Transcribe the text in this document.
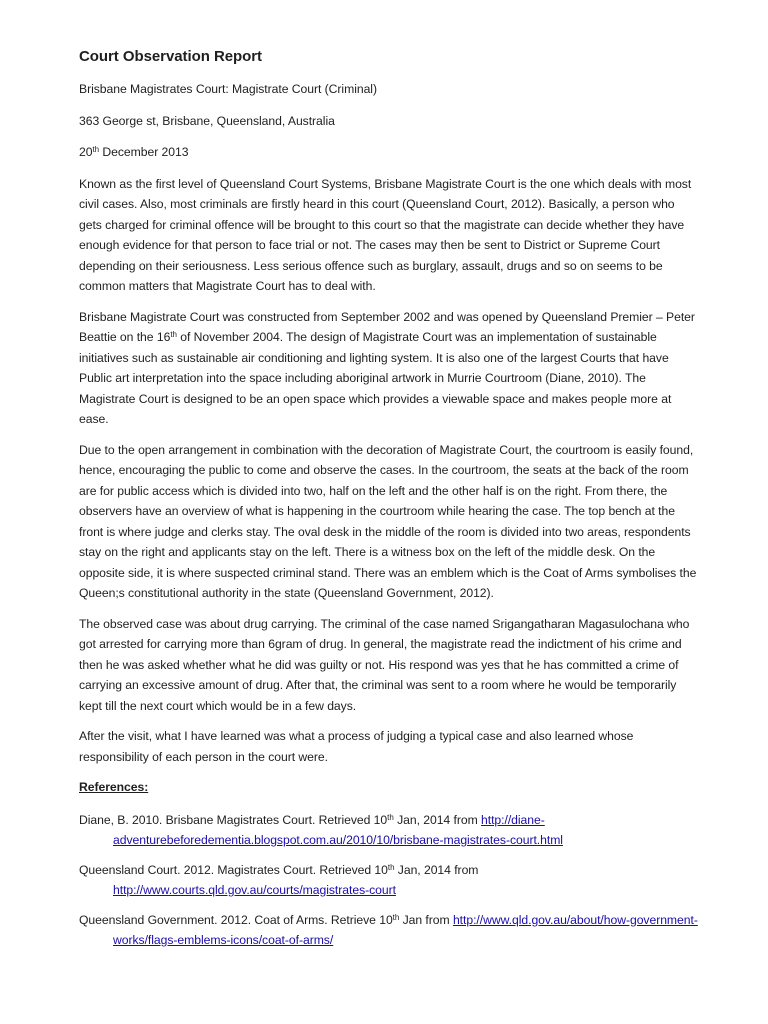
Court Observation Report
Brisbane Magistrates Court: Magistrate Court (Criminal)
363 George st, Brisbane, Queensland, Australia
20th December 2013
Known as the first level of Queensland Court Systems, Brisbane Magistrate Court is the one which deals with most civil cases. Also, most criminals are firstly heard in this court (Queensland Court, 2012). Basically, a person who gets charged for criminal offence will be brought to this court so that the magistrate can decide whether they have enough evidence for that person to face trial or not. The cases may then be sent to District or Supreme Court depending on their seriousness. Less serious offence such as burglary, assault, drugs and so on seems to be common matters that Magistrate Court has to deal with.
Brisbane Magistrate Court was constructed from September 2002 and was opened by Queensland Premier – Peter Beattie on the 16th of November 2004. The design of Magistrate Court was an implementation of sustainable initiatives such as sustainable air conditioning and lighting system. It is also one of the largest Courts that have Public art interpretation into the space including aboriginal artwork in Murrie Courtroom (Diane, 2010). The Magistrate Court is designed to be an open space which provides a viewable space and makes people more at ease.
Due to the open arrangement in combination with the decoration of Magistrate Court, the courtroom is easily found, hence, encouraging the public to come and observe the cases. In the courtroom, the seats at the back of the room are for public access which is divided into two, half on the left and the other half is on the right. From there, the observers have an overview of what is happening in the courtroom while hearing the case. The top bench at the front is where judge and clerks stay. The oval desk in the middle of the room is divided into two areas, respondents stay on the right and applicants stay on the left. There is a witness box on the left of the middle desk. On the opposite side, it is where suspected criminal stand. There was an emblem which is the Coat of Arms symbolises the Queen;s constitutional authority in the state (Queensland Government, 2012).
The observed case was about drug carrying. The criminal of the case named Srigangatharan Magasulochana who got arrested for carrying more than 6gram of drug. In general, the magistrate read the indictment of his crime and then he was asked whether what he did was guilty or not. His respond was yes that he has committed a crime of carrying an excessive amount of drug. After that, the criminal was sent to a room where he would be temporarily kept till the next court which would be in a few days.
After the visit, what I have learned was what a process of judging a typical case and also learned whose responsibility of each person in the court were.
References:
Diane, B. 2010. Brisbane Magistrates Court. Retrieved 10th Jan, 2014 from http://diane-adventurebeforedementia.blogspot.com.au/2010/10/brisbane-magistrates-court.html
Queensland Court. 2012. Magistrates Court. Retrieved 10th Jan, 2014 from http://www.courts.qld.gov.au/courts/magistrates-court
Queensland Government. 2012. Coat of Arms. Retrieve 10th Jan from http://www.qld.gov.au/about/how-government-works/flags-emblems-icons/coat-of-arms/
